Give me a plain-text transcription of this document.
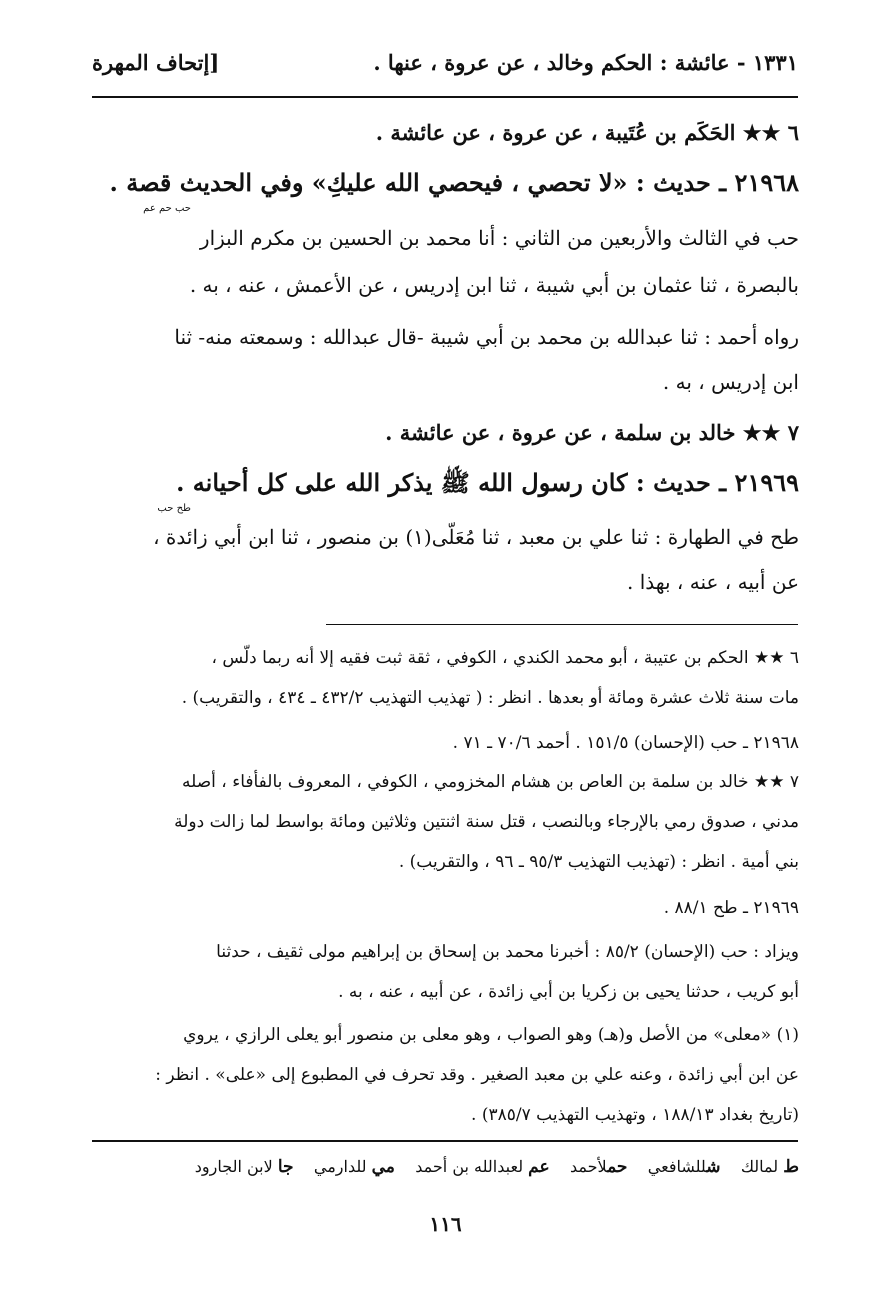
١٣٣١ - عائشة : الحكم وخالد ، عن عروة ، عنها .
[إتحاف المهرة
٦ ★★ الحَكَم بن عُتَيبة ، عن عروة ، عن عائشة .
٢١٩٦٨ ـ حديث : «لا تحصي ، فيحصي الله عليكِ» وفي الحديث قصة .
حب حم عم
حب في الثالث والأربعين من الثاني : أنا محمد بن الحسين بن مكرم البزار
بالبصرة ، ثنا عثمان بن أبي شيبة ، ثنا ابن إدريس ، عن الأعمش ، عنه ، به .
رواه أحمد : ثنا عبدالله بن محمد بن أبي شيبة -قال عبدالله : وسمعته منه- ثنا
ابن إدريس ، به .
٧ ★★ خالد بن سلمة ، عن عروة ، عن عائشة .
٢١٩٦٩ ـ حديث : كان رسول الله ﷺ يذكر الله على كل أحيانه .
طح حب
طح في الطهارة : ثنا علي بن معبد ، ثنا مُعَلّى(١) بن منصور ، ثنا ابن أبي زائدة ،
عن أبيه ، عنه ، بهذا .
٦ ★★ الحكم بن عتيبة ، أبو محمد الكندي ، الكوفي ، ثقة ثبت فقيه إلا أنه ربما دلّس ،
مات سنة ثلاث عشرة ومائة أو بعدها . انظر : ( تهذيب التهذيب ٤٣٢/٢ ـ ٤٣٤ ، والتقريب) .
٢١٩٦٨ ـ حب (الإحسان) ١٥١/٥ . أحمد ٧٠/٦ ـ ٧١ .
٧ ★★ خالد بن سلمة بن العاص بن هشام المخزومي ، الكوفي ، المعروف بالفأفاء ، أصله
مدني ، صدوق رمي بالإرجاء وبالنصب ، قتل سنة اثنتين وثلاثين ومائة بواسط لما زالت دولة
بني أمية . انظر : (تهذيب التهذيب ٩٥/٣ ـ ٩٦ ، والتقريب) .
٢١٩٦٩ ـ طح ٨٨/١ .
ويزاد : حب (الإحسان) ٨٥/٢ : أخبرنا محمد بن إسحاق بن إبراهيم مولى ثقيف ، حدثنا
أبو كريب ، حدثنا يحيى بن زكريا بن أبي زائدة ، عن أبيه ، عنه ، به .
(١) «معلى» من الأصل و(هـ) وهو الصواب ، وهو معلى بن منصور أبو يعلى الرازي ، يروي
عن ابن أبي زائدة ، وعنه علي بن معبد الصغير . وقد تحرف في المطبوع إلى «على» . انظر :
(تاريخ بغداد ١٨٨/١٣ ، وتهذيب التهذيب ٣٨٥/٧) .
ط لمالك    شللشافعي    حملأحمد    عم لعبدالله بن أحمد    مي للدارمي    جا لابن الجارود
١١٦
